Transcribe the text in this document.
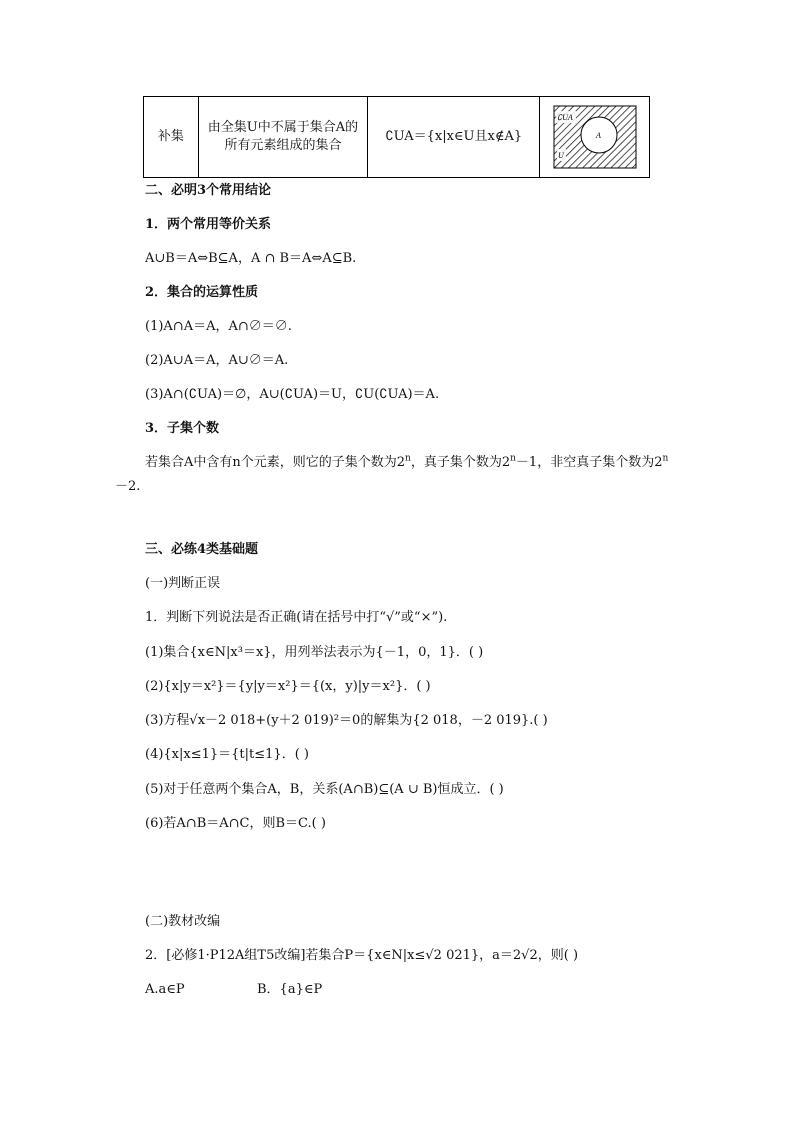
补集
由全集U中不属于集合A的所有元素组成的集合
∁UA＝{x|x∈U且x∉A}	A
∁UA
U
二、必明3个常用结论
1．两个常用等价关系
A∪B＝A⇔B⊆A，A ∩ B＝A⇔A⊆B.
2．集合的运算性质
(1)A∩A＝A，A∩∅＝∅.
(2)A∪A＝A，A∪∅＝A.
(3)A∩(∁UA)＝∅，A∪(∁UA)＝U，∁U(∁UA)＝A.
3．子集个数
若集合A中含有n个元素，则它的子集个数为2$^n$，真子集个数为$2^n-1$，非空真子集个数为$2^n-2$.
三、必练4类基础题
(一)判断正误
1．判断下列说法是否正确(请在括号中打“√”或“×”).
(1)集合{x∈N|x³＝x}，用列举法表示为{－1，0，1}．( )
(2){x|y＝x²}＝{y|y＝x²}＝{(x，y)|y＝x²}．( )
(3)方程√x－2 018+(y＋2 019)²＝0的解集为{2 018，－2 019}.( )
(4){x|x≤1}＝{t|t≤1}．( )
(5)对于任意两个集合A，B，关系(A∩B)⊆(A ∪ B)恒成立．( )
(6)若A∩B＝A∩C，则B＝C.( )
(二)教材改编
2．[必修1·P12A组T5改编]若集合P＝{x∈N|x≤√2 021}，a＝2√2，则( )
A.a∈P	B．{a}∈P
